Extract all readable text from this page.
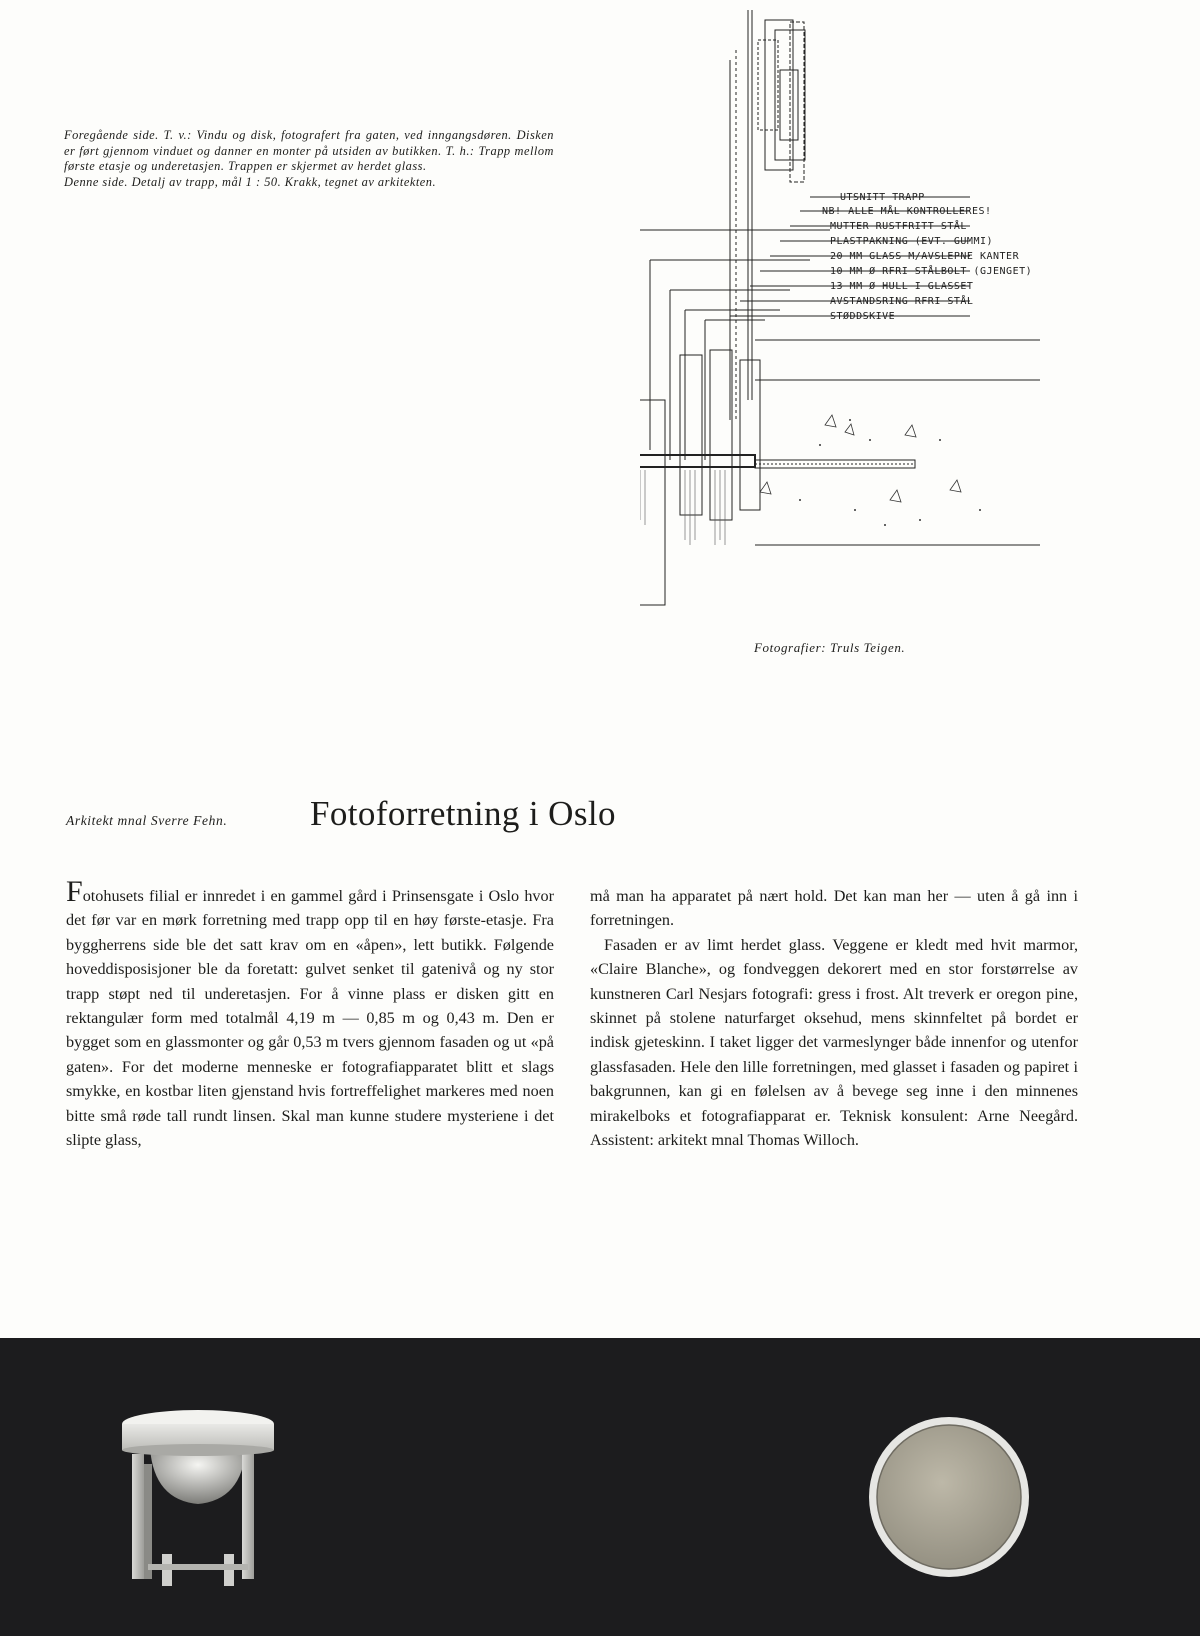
Foregående side. T. v.: Vindu og disk, fotografert fra gaten, ved inngangsdøren. Disken er ført gjennom vinduet og danner en monter på utsiden av butikken. T. h.: Trapp mellom første etasje og underetasjen. Trappen er skjermet av herdet glass.

Denne side. Detalj av trapp, mål 1 : 50. Krakk, tegnet av arkitekten.

UTSNITT TRAPP
NB! ALLE MÅL KONTROLLERES!
MUTTER RUSTFRITT STÅL
PLASTPAKNING (EVT. GUMMI)
20 MM GLASS M/AVSLEPNE KANTER
10 MM Ø RFRI STÅLBOLT (GJENGET)
13 MM Ø HULL I GLASSET
AVSTANDSRING RFRI STÅL
STØDDSKIVE
Fotografier: Truls Teigen.
Arkitekt mnal Sverre Fehn. Fotoforretning i Oslo

Fotohusets filial er innredet i en gammel gård i Prinsensgate i Oslo hvor det før var en mørk forretning med trapp opp til en høy første-etasje. Fra byggherrens side ble det satt krav om en «åpen», lett butikk. Følgende hoveddisposisjoner ble da foretatt: gulvet senket til gatenivå og ny stor trapp støpt ned til underetasjen. For å vinne plass er disken gitt en rektangulær form med totalmål 4,19 m — 0,85 m og 0,43 m. Den er bygget som en glassmonter og går 0,53 m tvers gjennom fasaden og ut «på gaten». For det moderne menneske er fotografiapparatet blitt et slags smykke, en kostbar liten gjenstand hvis fortreffelighet markeres med noen bitte små røde tall rundt linsen. Skal man kunne studere mysteriene i det slipte glass,

må man ha apparatet på nært hold. Det kan man her — uten å gå inn i forretningen.

Fasaden er av limt herdet glass. Veggene er kledt med hvit marmor, «Claire Blanche», og fondveggen dekorert med en stor forstørrelse av kunstneren Carl Nesjars fotografi: gress i frost. Alt treverk er oregon pine, skinnet på stolene naturfarget oksehud, mens skinnfeltet på bordet er indisk gjeteskinn. I taket ligger det varmeslynger både innenfor og utenfor glassfasaden. Hele den lille forretningen, med glasset i fasaden og papiret i bakgrunnen, kan gi en følelsen av å bevege seg inne i den minnenes mirakelboks et fotografiapparat er. Teknisk konsulent: Arne Neegård. Assistent: arkitekt mnal Thomas Willoch.
